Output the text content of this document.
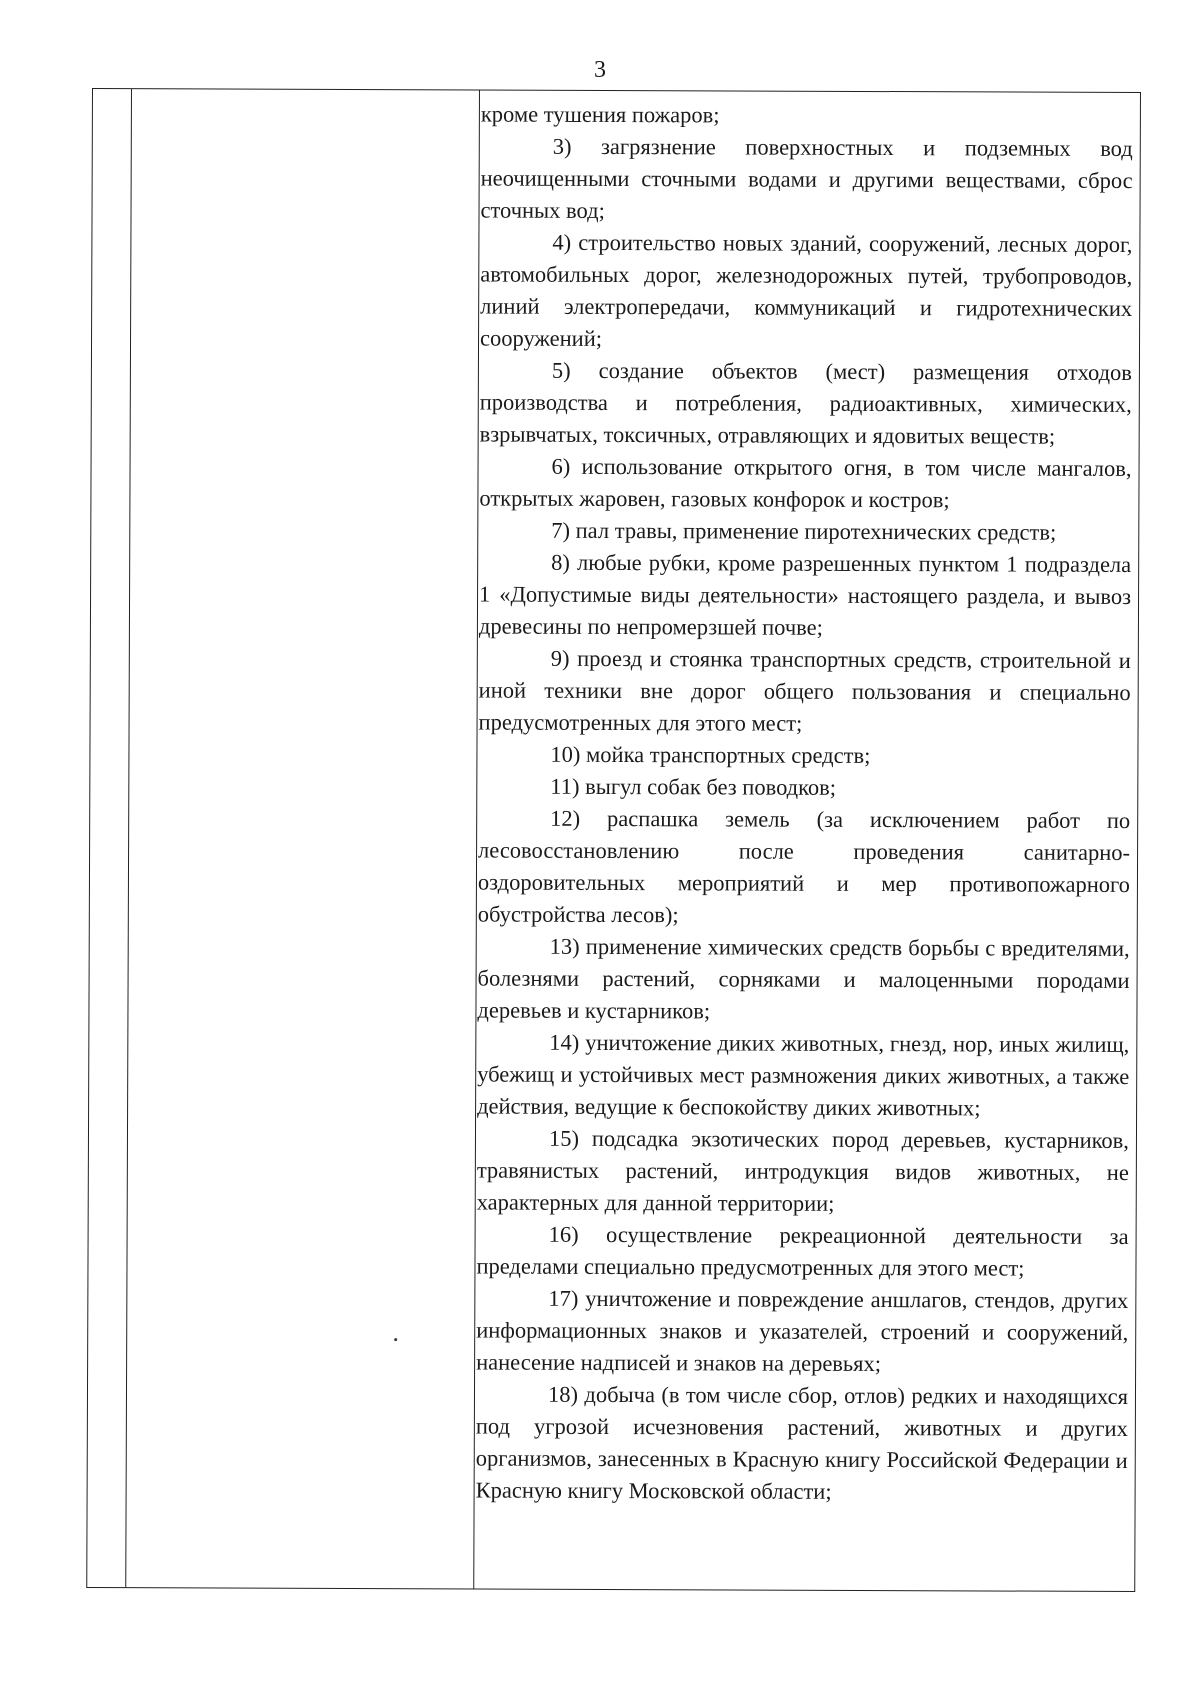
3

кроме тушения пожаров;

3) загрязнение поверхностных и подземных вод неочищенными сточными водами и другими веществами, сброс сточных вод;

4) строительство новых зданий, сооружений, лесных дорог, автомобильных дорог, железнодорожных путей, трубопроводов, линий электропередачи, коммуникаций и гидротехнических сооружений;

5) создание объектов (мест) размещения отходов производства и потребления, радиоактивных, химических, взрывчатых, токсичных, отравляющих и ядовитых веществ;

6) использование открытого огня, в том числе мангалов, открытых жаровен, газовых конфорок и костров;

7) пал травы, применение пиротехнических средств;

8) любые рубки, кроме разрешенных пунктом 1 подраздела 1 «Допустимые виды деятельности» настоящего раздела, и вывоз древесины по непромерзшей почве;

9) проезд и стоянка транспортных средств, строительной и иной техники вне дорог общего пользования и специально предусмотренных для этого мест;

10) мойка транспортных средств;

11) выгул собак без поводков;

12) распашка земель (за исключением работ по лесовосстановлению после проведения санитарно-оздоровительных мероприятий и мер противопожарного обустройства лесов);

13) применение химических средств борьбы с вредителями, болезнями растений, сорняками и малоценными породами деревьев и кустарников;

14) уничтожение диких животных, гнезд, нор, иных жилищ, убежищ и устойчивых мест размножения диких животных, а также действия, ведущие к беспокойству диких животных;

15) подсадка экзотических пород деревьев, кустарников, травянистых растений, интродукция видов животных, не характерных для данной территории;

16) осуществление рекреационной деятельности за пределами специально предусмотренных для этого мест;

17) уничтожение и повреждение аншлагов, стендов, других информационных знаков и указателей, строений и сооружений, нанесение надписей и знаков на деревьях;

18) добыча (в том числе сбор, отлов) редких и находящихся под угрозой исчезновения растений, животных и других организмов, занесенных в Красную книгу Российской Федерации и Красную книгу Московской области;
